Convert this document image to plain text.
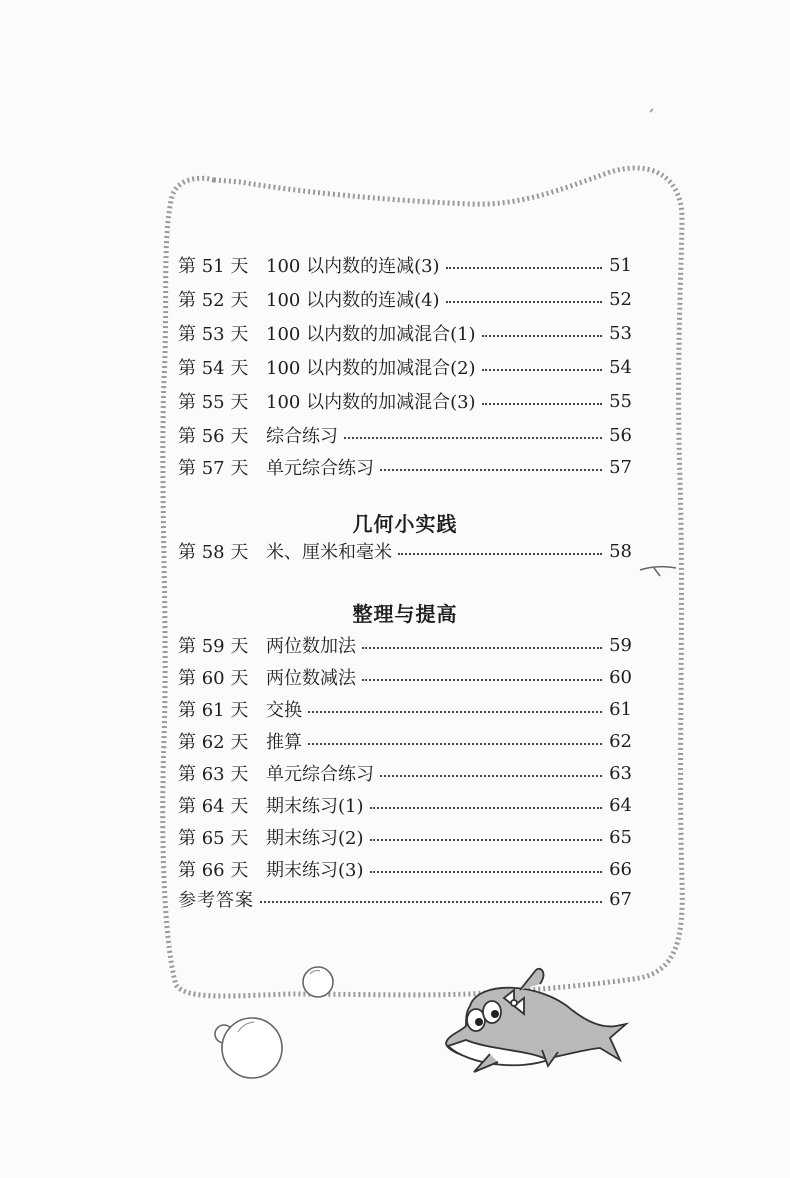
第 51 天 100 以内数的连减(3)	51
第 52 天 100 以内数的连减(4)	52
第 53 天 100 以内数的加减混合(1)	53
第 54 天 100 以内数的加减混合(2)	54
第 55 天 100 以内数的加减混合(3)	55
第 56 天 综合练习	56
第 57 天 单元综合练习	57
几何小实践
第 58 天 米、厘米和毫米	58
整理与提高
第 59 天 两位数加法	59
第 60 天 两位数减法	60
第 61 天 交换	61
第 62 天 推算	62
第 63 天 单元综合练习	63
第 64 天 期末练习(1)	64
第 65 天 期末练习(2)	65
第 66 天 期末练习(3)	66
参考答案	67
